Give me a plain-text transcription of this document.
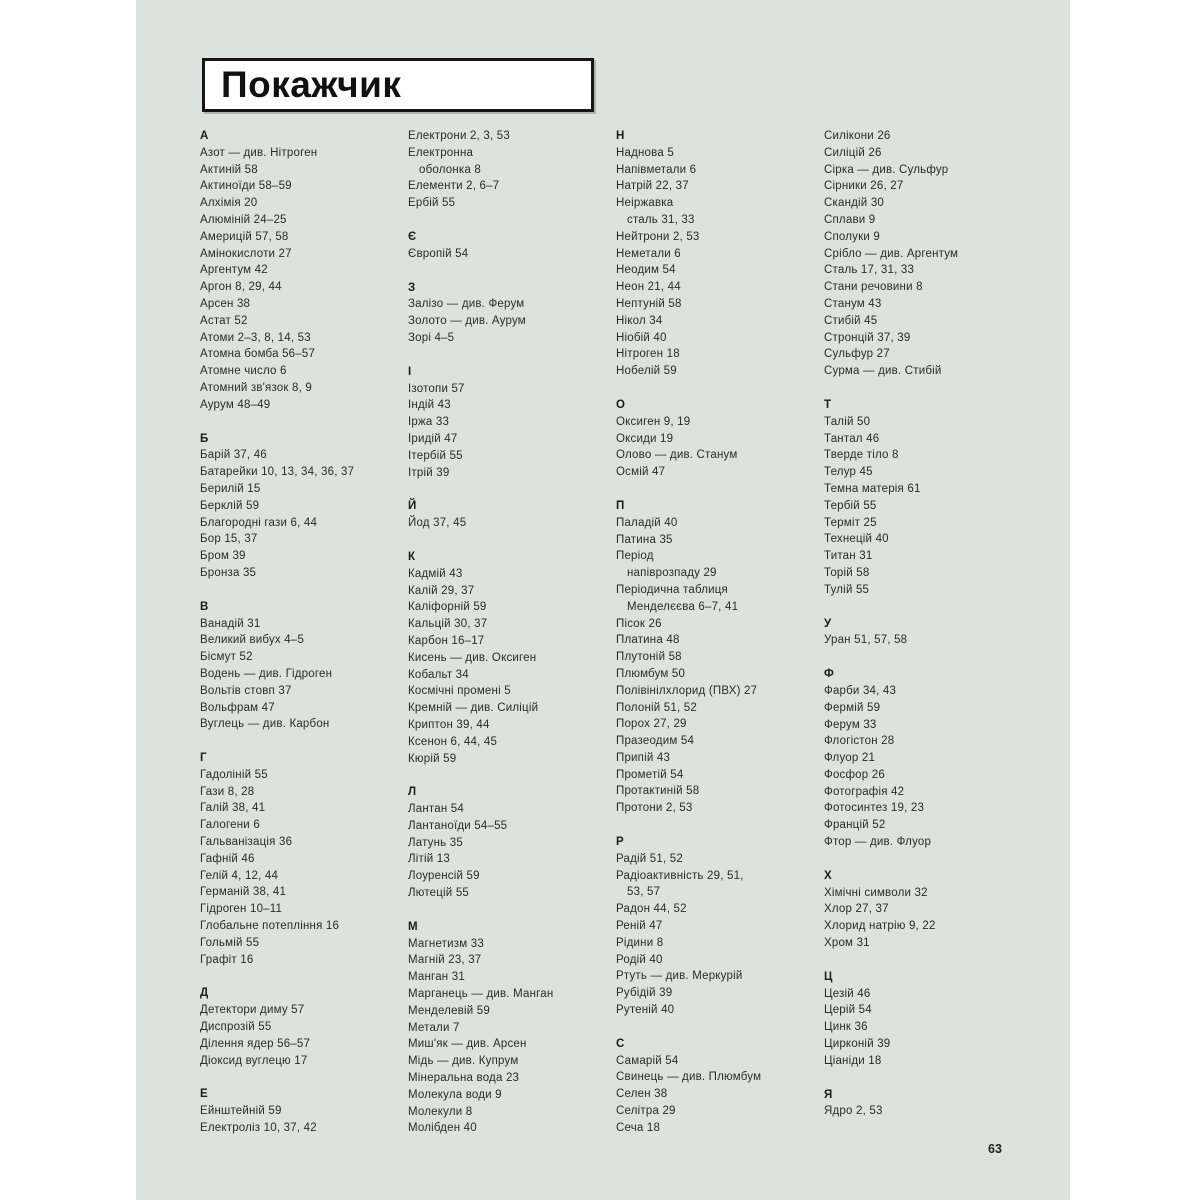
Покажчик
А
Азот — див. Нітроген
Актиній 58
Актиноїди 58–59
Алхімія 20
Алюміній 24–25
Америцій 57, 58
Амінокислоти 27
Аргентум 42
Аргон 8, 29, 44
Арсен 38
Астат 52
Атоми 2–3, 8, 14, 53
Атомна бомба 56–57
Атомне число 6
Атомний зв'язок 8, 9
Аурум 48–49
Б
Барій 37, 46
Батарейки 10, 13, 34, 36, 37
Берилій 15
Берклій 59
Благородні гази 6, 44
Бор 15, 37
Бром 39
Бронза 35
В
Ванадій 31
Великий вибух 4–5
Бісмут 52
Водень — див. Гідроген
Вольтів стовп 37
Вольфрам 47
Вуглець — див. Карбон
Г
Гадоліній 55
Гази 8, 28
Галій 38, 41
Галогени 6
Гальванізація 36
Гафній 46
Гелій 4, 12, 44
Германій 38, 41
Гідроген 10–11
Глобальне потепління 16
Гольмій 55
Графіт 16
Д
Детектори диму 57
Диспрозій 55
Ділення ядер 56–57
Діоксид вуглецю 17
Е
Ейнштейній 59
Електроліз 10, 37, 42
Електрони 2, 3, 53
Електронна
оболонка 8
Елементи 2, 6–7
Ербій 55
Є
Європій 54
З
Залізо — див. Ферум
Золото — див. Аурум
Зорі 4–5
І
Ізотопи 57
Індій 43
Іржа 33
Іридій 47
Ітербій 55
Ітрій 39
Й
Йод 37, 45
К
Кадмій 43
Калій 29, 37
Каліфорній 59
Кальцій 30, 37
Карбон 16–17
Кисень — див. Оксиген
Кобальт 34
Космічні промені 5
Кремній — див. Силіцій
Криптон 39, 44
Ксенон 6, 44, 45
Кюрій 59
Л
Лантан 54
Лантаноїди 54–55
Латунь 35
Літій 13
Лоуренсій 59
Лютецій 55
М
Магнетизм 33
Магній 23, 37
Манган 31
Марганець — див. Манган
Менделевій 59
Метали 7
Миш'як — див. Арсен
Мідь — див. Купрум
Мінеральна вода 23
Молекула води 9
Молекули 8
Молібден 40
Н
Наднова 5
Напівметали 6
Натрій 22, 37
Неіржавка
сталь 31, 33
Нейтрони 2, 53
Неметали 6
Неодим 54
Неон 21, 44
Нептуній 58
Нікол 34
Ніобій 40
Нітроген 18
Нобелій 59
О
Оксиген 9, 19
Оксиди 19
Олово — див. Станум
Осмій 47
П
Паладій 40
Патина 35
Період
напіврозпаду 29
Періодична таблиця
Менделєєва 6–7, 41
Пісок 26
Платина 48
Плутоній 58
Плюмбум 50
Полівінілхлорид (ПВХ) 27
Полоній 51, 52
Порох 27, 29
Празеодим 54
Припій 43
Прометій 54
Протактиній 58
Протони 2, 53
Р
Радій 51, 52
Радіоактивність 29, 51,
53, 57
Радон 44, 52
Реній 47
Рідини 8
Родій 40
Ртуть — див. Меркурій
Рубідій 39
Рутеній 40
С
Самарій 54
Свинець — див. Плюмбум
Селен 38
Селітра 29
Сеча 18
Силікони 26
Силіцій 26
Сірка — див. Сульфур
Сірники 26, 27
Скандій 30
Сплави 9
Сполуки 9
Срібло — див. Аргентум
Сталь 17, 31, 33
Стани речовини 8
Станум 43
Стибій 45
Стронцій 37, 39
Сульфур 27
Сурма — див. Стибій
Т
Талій 50
Тантал 46
Тверде тіло 8
Телур 45
Темна матерія 61
Тербій 55
Терміт 25
Технецій 40
Титан 31
Торій 58
Тулій 55
У
Уран 51, 57, 58
Ф
Фарби 34, 43
Фермій 59
Ферум 33
Флогістон 28
Флуор 21
Фосфор 26
Фотографія 42
Фотосинтез 19, 23
Францій 52
Фтор — див. Флуор
Х
Хімічні символи 32
Хлор 27, 37
Хлорид натрію 9, 22
Хром 31
Ц
Цезій 46
Церій 54
Цинк 36
Цирконій 39
Ціаніди 18
Я
Ядро 2, 53
63
